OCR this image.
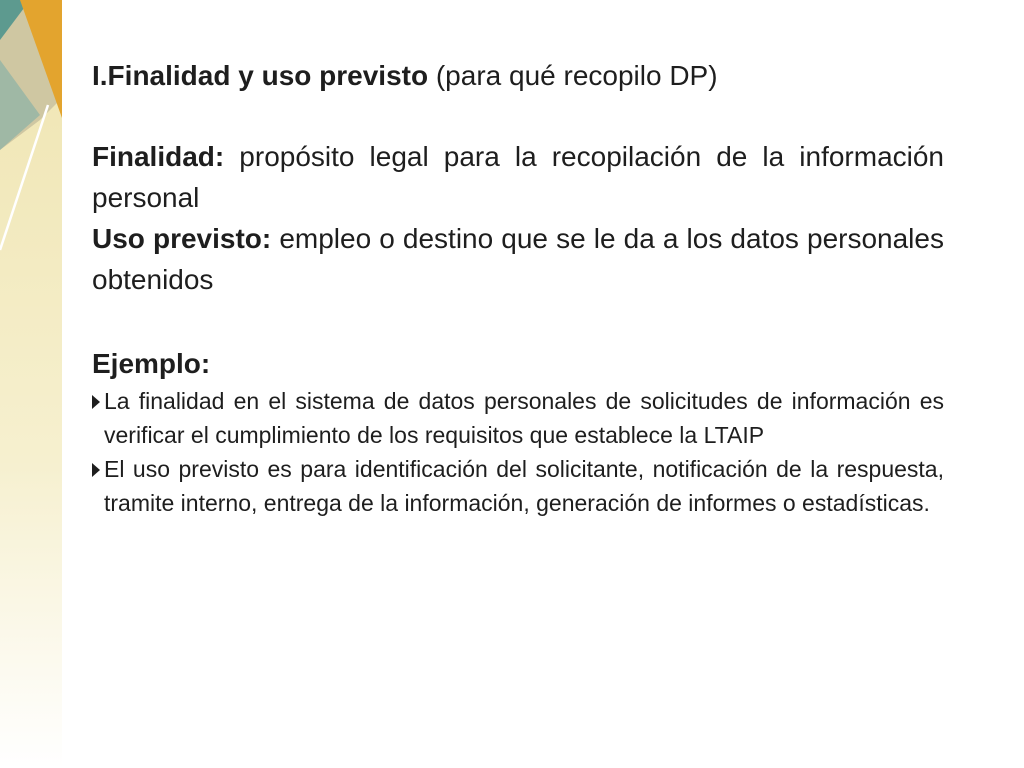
I.Finalidad y uso previsto (para qué recopilo DP)

Finalidad: propósito legal para la recopilación de la información personal

Uso previsto: empleo o destino que se le da a los datos personales obtenidos

Ejemplo:

La finalidad en el sistema de datos personales de solicitudes de información es verificar el cumplimiento de los requisitos que establece la LTAIP

El uso previsto es para identificación del solicitante, notificación de la respuesta, tramite interno, entrega de la información, generación de informes o estadísticas.
